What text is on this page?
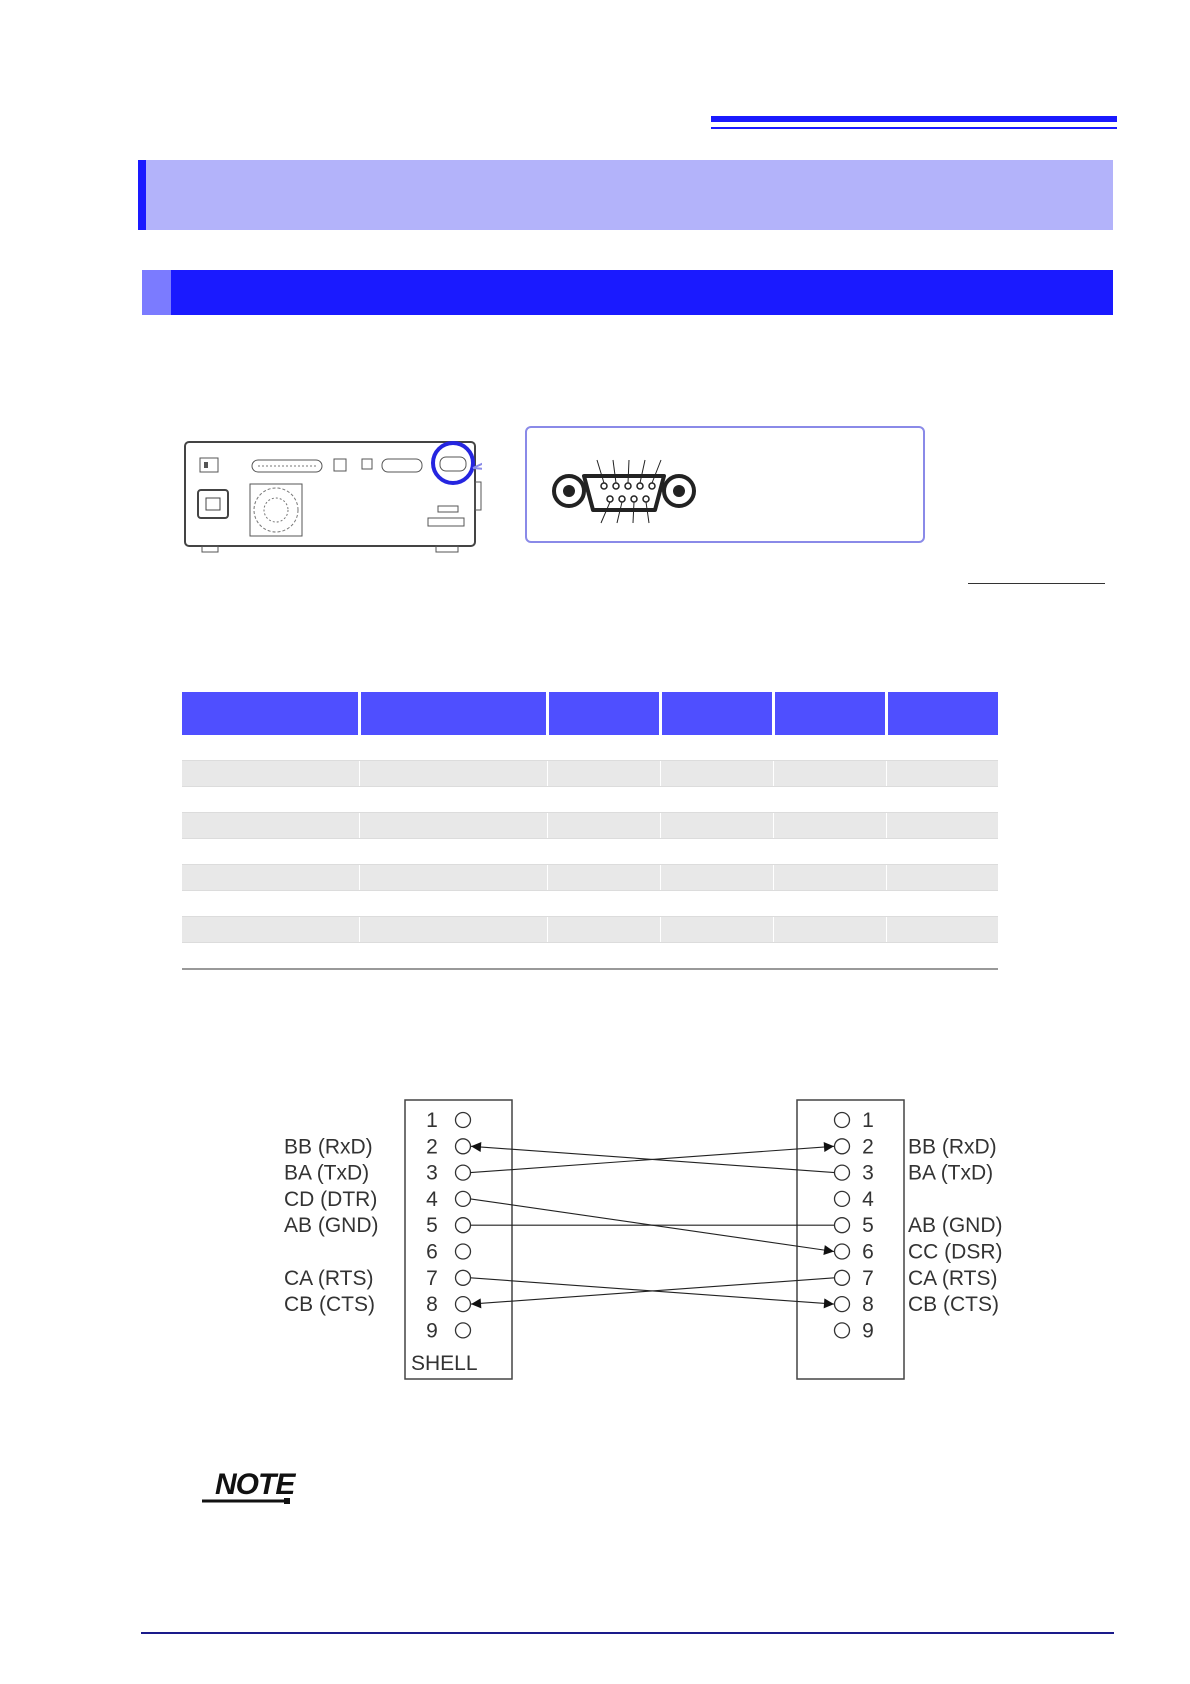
1
2
3
4
5
6
7
8
9
1
2
3
4
5
6
7
8
9
BB (RxD)
BA (TxD)
CD (DTR)
AB (GND)
CA (RTS)
CB (CTS)
BB (RxD)
BA (TxD)
AB (GND)
CC (DSR)
CA (RTS)
CB (CTS)
SHELL
NOTE
